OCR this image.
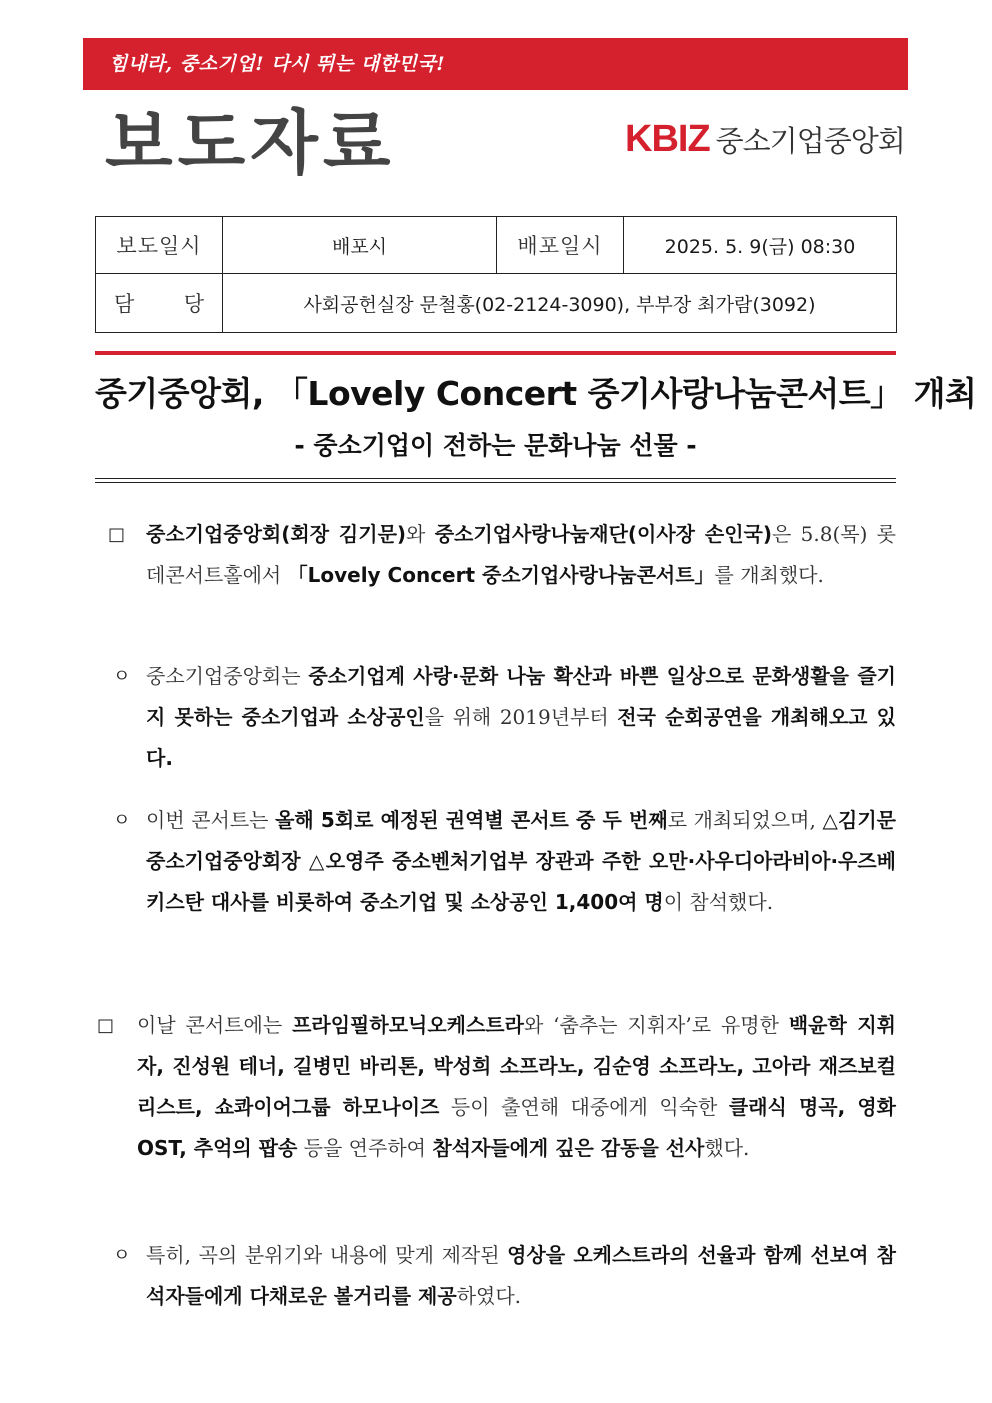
힘내라, 중소기업! 다시 뛰는 대한민국!
보도자료	KBIZ 중소기업중앙회
보도일시	배포시	배포일시	2025. 5. 9(금) 08:30

담 당	사회공헌실장 문철홍(02-2124-3090), 부부장 최가람(3092)		
중기중앙회, 「Lovely Concert 중기사랑나눔콘서트」 개최
- 중소기업이 전하는 문화나눔 선물 -
□ 중소기업중앙회(회장 김기문)와 중소기업사랑나눔재단(이사장 손인국)은 5.8(목) 롯데콘서트홀에서 「Lovely Concert 중소기업사랑나눔콘서트」를 개최했다.
ㅇ 중소기업중앙회는 중소기업계 사랑·문화 나눔 확산과 바쁜 일상으로 문화생활을 즐기지 못하는 중소기업과 소상공인을 위해 2019년부터 전국 순회공연을 개최해오고 있다.
ㅇ 이번 콘서트는 올해 5회로 예정된 권역별 콘서트 중 두 번째로 개최되었으며, △김기문 중소기업중앙회장 △오영주 중소벤처기업부 장관과 주한 오만·사우디아라비아·우즈베키스탄 대사를 비롯하여 중소기업 및 소상공인 1,400여 명이 참석했다.
□ 이날 콘서트에는 프라임필하모닉오케스트라와 ‘춤추는 지휘자’로 유명한 백윤학 지휘자, 진성원 테너, 길병민 바리톤, 박성희 소프라노, 김순영 소프라노, 고아라 재즈보컬리스트, 쇼콰이어그룹 하모나이즈 등이 출연해 대중에게 익숙한 클래식 명곡, 영화 OST, 추억의 팝송 등을 연주하여 참석자들에게 깊은 감동을 선사했다.
ㅇ 특히, 곡의 분위기와 내용에 맞게 제작된 영상을 오케스트라의 선율과 함께 선보여 참석자들에게 다채로운 볼거리를 제공하였다.
